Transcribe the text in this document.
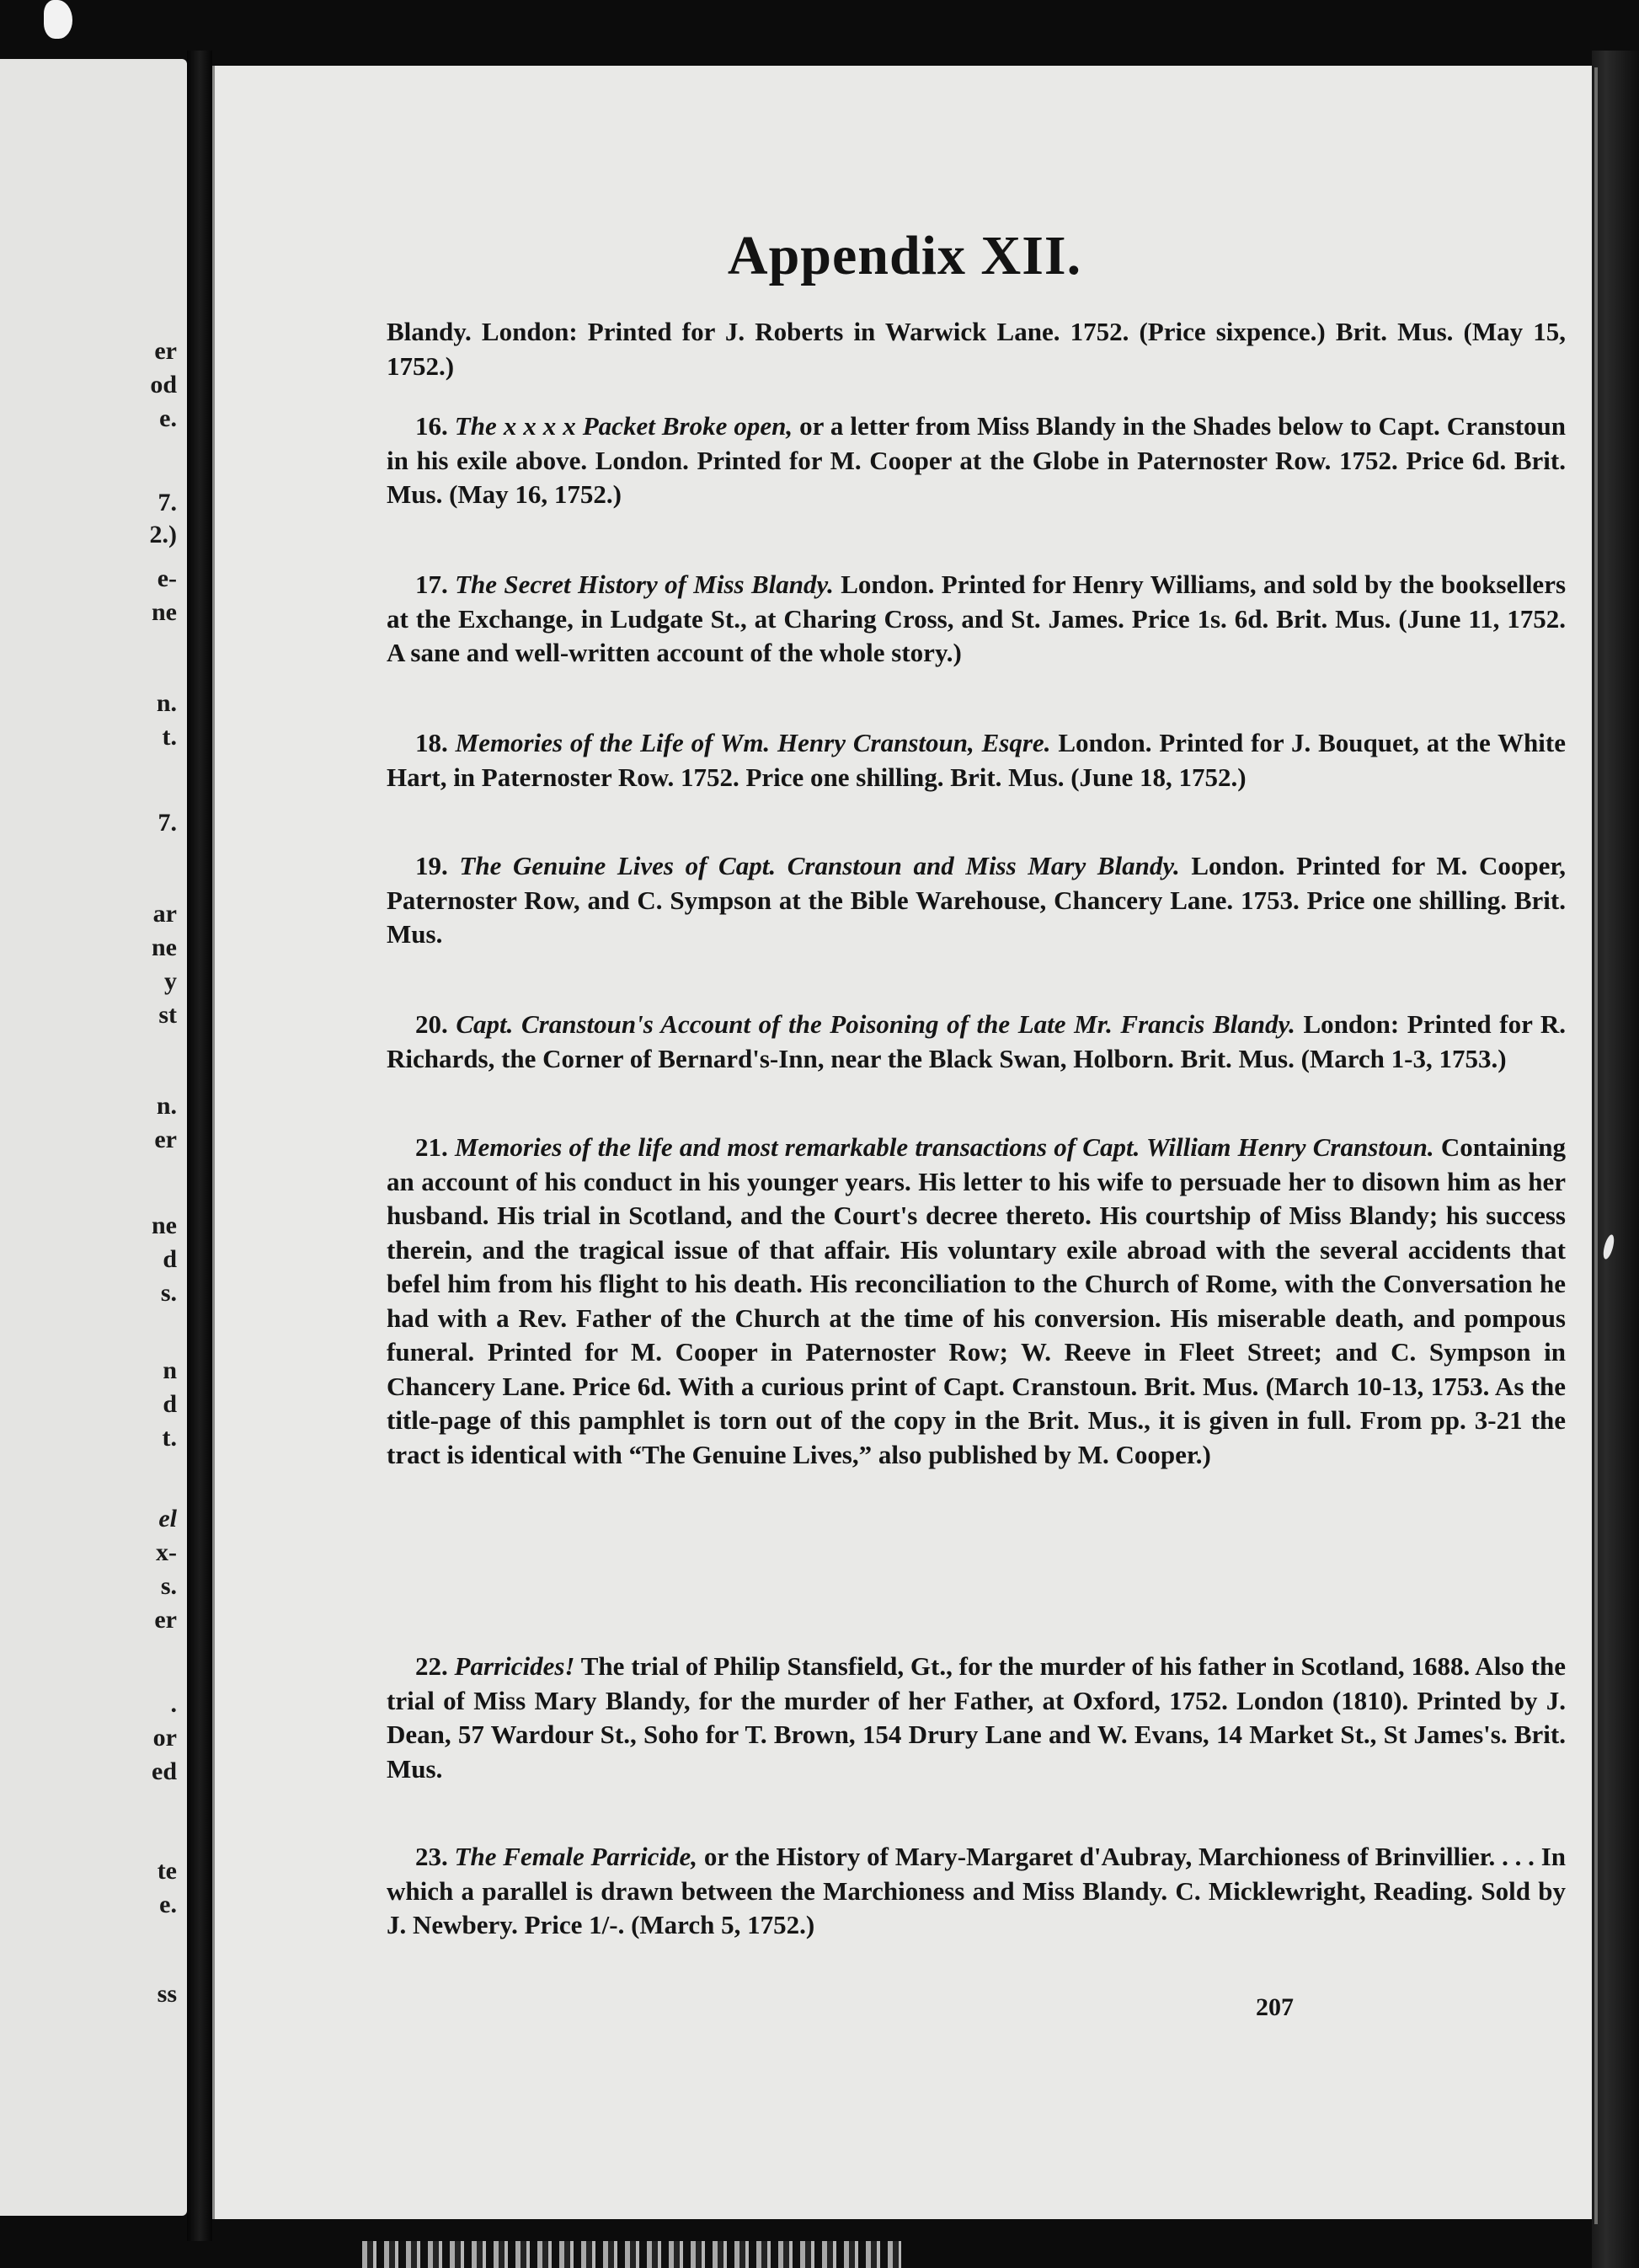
er
od
e.
7.
2.)
e-
ne
n.
t.
7.
ar
ne
y
st
n.
er
ne
d
s.
n
d
t.
el
x-
s.
er
.
or
ed
te
e.
ss
Appendix XII.

Blandy. London: Printed for J. Roberts in Warwick Lane. 1752. (Price sixpence.) Brit. Mus. (May 15, 1752.)

16. The x x x x Packet Broke open, or a letter from Miss Blandy in the Shades below to Capt. Cranstoun in his exile above. London. Printed for M. Cooper at the Globe in Paternoster Row. 1752. Price 6d. Brit. Mus. (May 16, 1752.)

17. The Secret History of Miss Blandy. London. Printed for Henry Williams, and sold by the booksellers at the Exchange, in Ludgate St., at Charing Cross, and St. James. Price 1s. 6d. Brit. Mus. (June 11, 1752. A sane and well-written account of the whole story.)

18. Memories of the Life of Wm. Henry Cranstoun, Esqre. London. Printed for J. Bouquet, at the White Hart, in Paternoster Row. 1752. Price one shilling. Brit. Mus. (June 18, 1752.)

19. The Genuine Lives of Capt. Cranstoun and Miss Mary Blandy. London. Printed for M. Cooper, Paternoster Row, and C. Sympson at the Bible Warehouse, Chancery Lane. 1753. Price one shilling. Brit. Mus.

20. Capt. Cranstoun's Account of the Poisoning of the Late Mr. Francis Blandy. London: Printed for R. Richards, the Corner of Bernard's-Inn, near the Black Swan, Holborn. Brit. Mus. (March 1-3, 1753.)

21. Memories of the life and most remarkable transactions of Capt. William Henry Cranstoun. Containing an account of his conduct in his younger years. His letter to his wife to persuade her to disown him as her husband. His trial in Scotland, and the Court's decree thereto. His courtship of Miss Blandy; his success therein, and the tragical issue of that affair. His voluntary exile abroad with the several accidents that befel him from his flight to his death. His reconciliation to the Church of Rome, with the Conversation he had with a Rev. Father of the Church at the time of his conversion. His miserable death, and pompous funeral. Printed for M. Cooper in Paternoster Row; W. Reeve in Fleet Street; and C. Sympson in Chancery Lane. Price 6d. With a curious print of Capt. Cranstoun. Brit. Mus. (March 10-13, 1753. As the title-page of this pamphlet is torn out of the copy in the Brit. Mus., it is given in full. From pp. 3-21 the tract is identical with “The Genuine Lives,” also published by M. Cooper.)

22. Parricides! The trial of Philip Stansfield, Gt., for the murder of his father in Scotland, 1688. Also the trial of Miss Mary Blandy, for the murder of her Father, at Oxford, 1752. London (1810). Printed by J. Dean, 57 Wardour St., Soho for T. Brown, 154 Drury Lane and W. Evans, 14 Market St., St James's. Brit. Mus.

23. The Female Parricide, or the History of Mary-Margaret d'Aubray, Marchioness of Brinvillier. . . . In which a parallel is drawn between the Marchioness and Miss Blandy. C. Micklewright, Reading. Sold by J. Newbery. Price 1/-. (March 5, 1752.)

207
